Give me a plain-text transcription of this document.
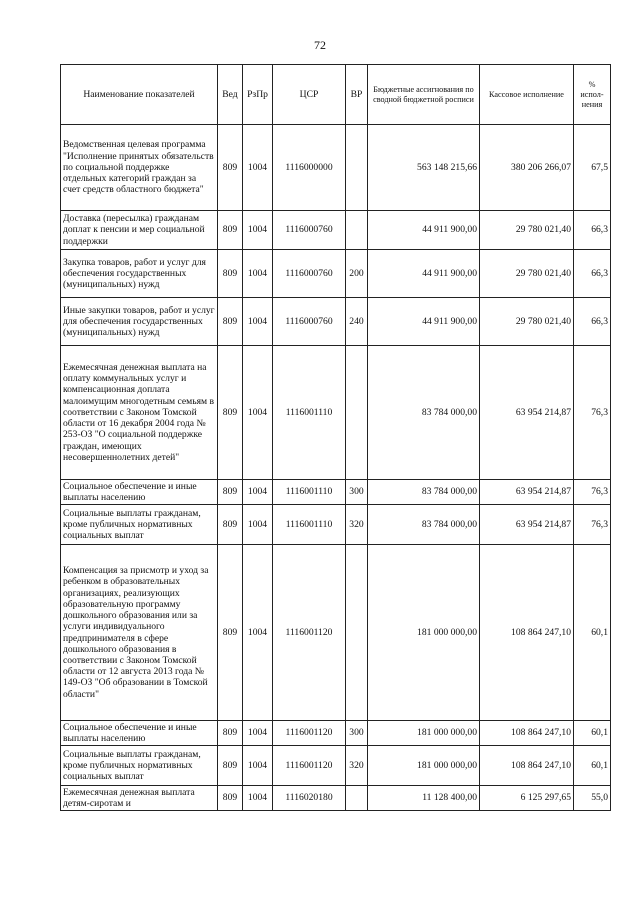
72
Наименование показателей	Вед	РзПр	ЦСР	ВР	Бюджетные ассигнования по сводной бюджетной росписи	Кассовое исполнение	% испол-нения
Ведомственная целевая программа "Исполнение принятых обязательств по социальной поддержке отдельных категорий граждан за счет средств областного бюджета"	809	1004	1116000000		563 148 215,66	380 206 266,07	67,5
Доставка (пересылка) гражданам доплат к пенсии и мер социальной поддержки	809	1004	1116000760		44 911 900,00	29 780 021,40	66,3
Закупка товаров, работ и услуг для обеспечения государственных (муниципальных) нужд	809	1004	1116000760	200	44 911 900,00	29 780 021,40	66,3
Иные закупки товаров, работ и услуг для обеспечения государственных (муниципальных) нужд	809	1004	1116000760	240	44 911 900,00	29 780 021,40	66,3
Ежемесячная денежная выплата на оплату коммунальных услуг и компенсационная доплата малоимущим многодетным семьям в соответствии с Законом Томской области от 16 декабря 2004 года № 253-ОЗ "О социальной поддержке граждан, имеющих несовершеннолетних детей"	809	1004	1116001110		83 784 000,00	63 954 214,87	76,3
Социальное обеспечение и иные выплаты населению	809	1004	1116001110	300	83 784 000,00	63 954 214,87	76,3
Социальные выплаты гражданам, кроме публичных нормативных социальных выплат	809	1004	1116001110	320	83 784 000,00	63 954 214,87	76,3
Компенсация за присмотр и уход за ребенком в образовательных организациях, реализующих образовательную программу дошкольного образования или за услуги индивидуального предпринимателя в сфере дошкольного образования в соответствии с Законом Томской области от 12 августа 2013 года № 149-ОЗ "Об образовании в Томской области"	809	1004	1116001120		181 000 000,00	108 864 247,10	60,1
Социальное обеспечение и иные выплаты населению	809	1004	1116001120	300	181 000 000,00	108 864 247,10	60,1
Социальные выплаты гражданам, кроме публичных нормативных социальных выплат	809	1004	1116001120	320	181 000 000,00	108 864 247,10	60,1
Ежемесячная денежная выплата детям-сиротам и	809	1004	1116020180		11 128 400,00	6 125 297,65	55,0
